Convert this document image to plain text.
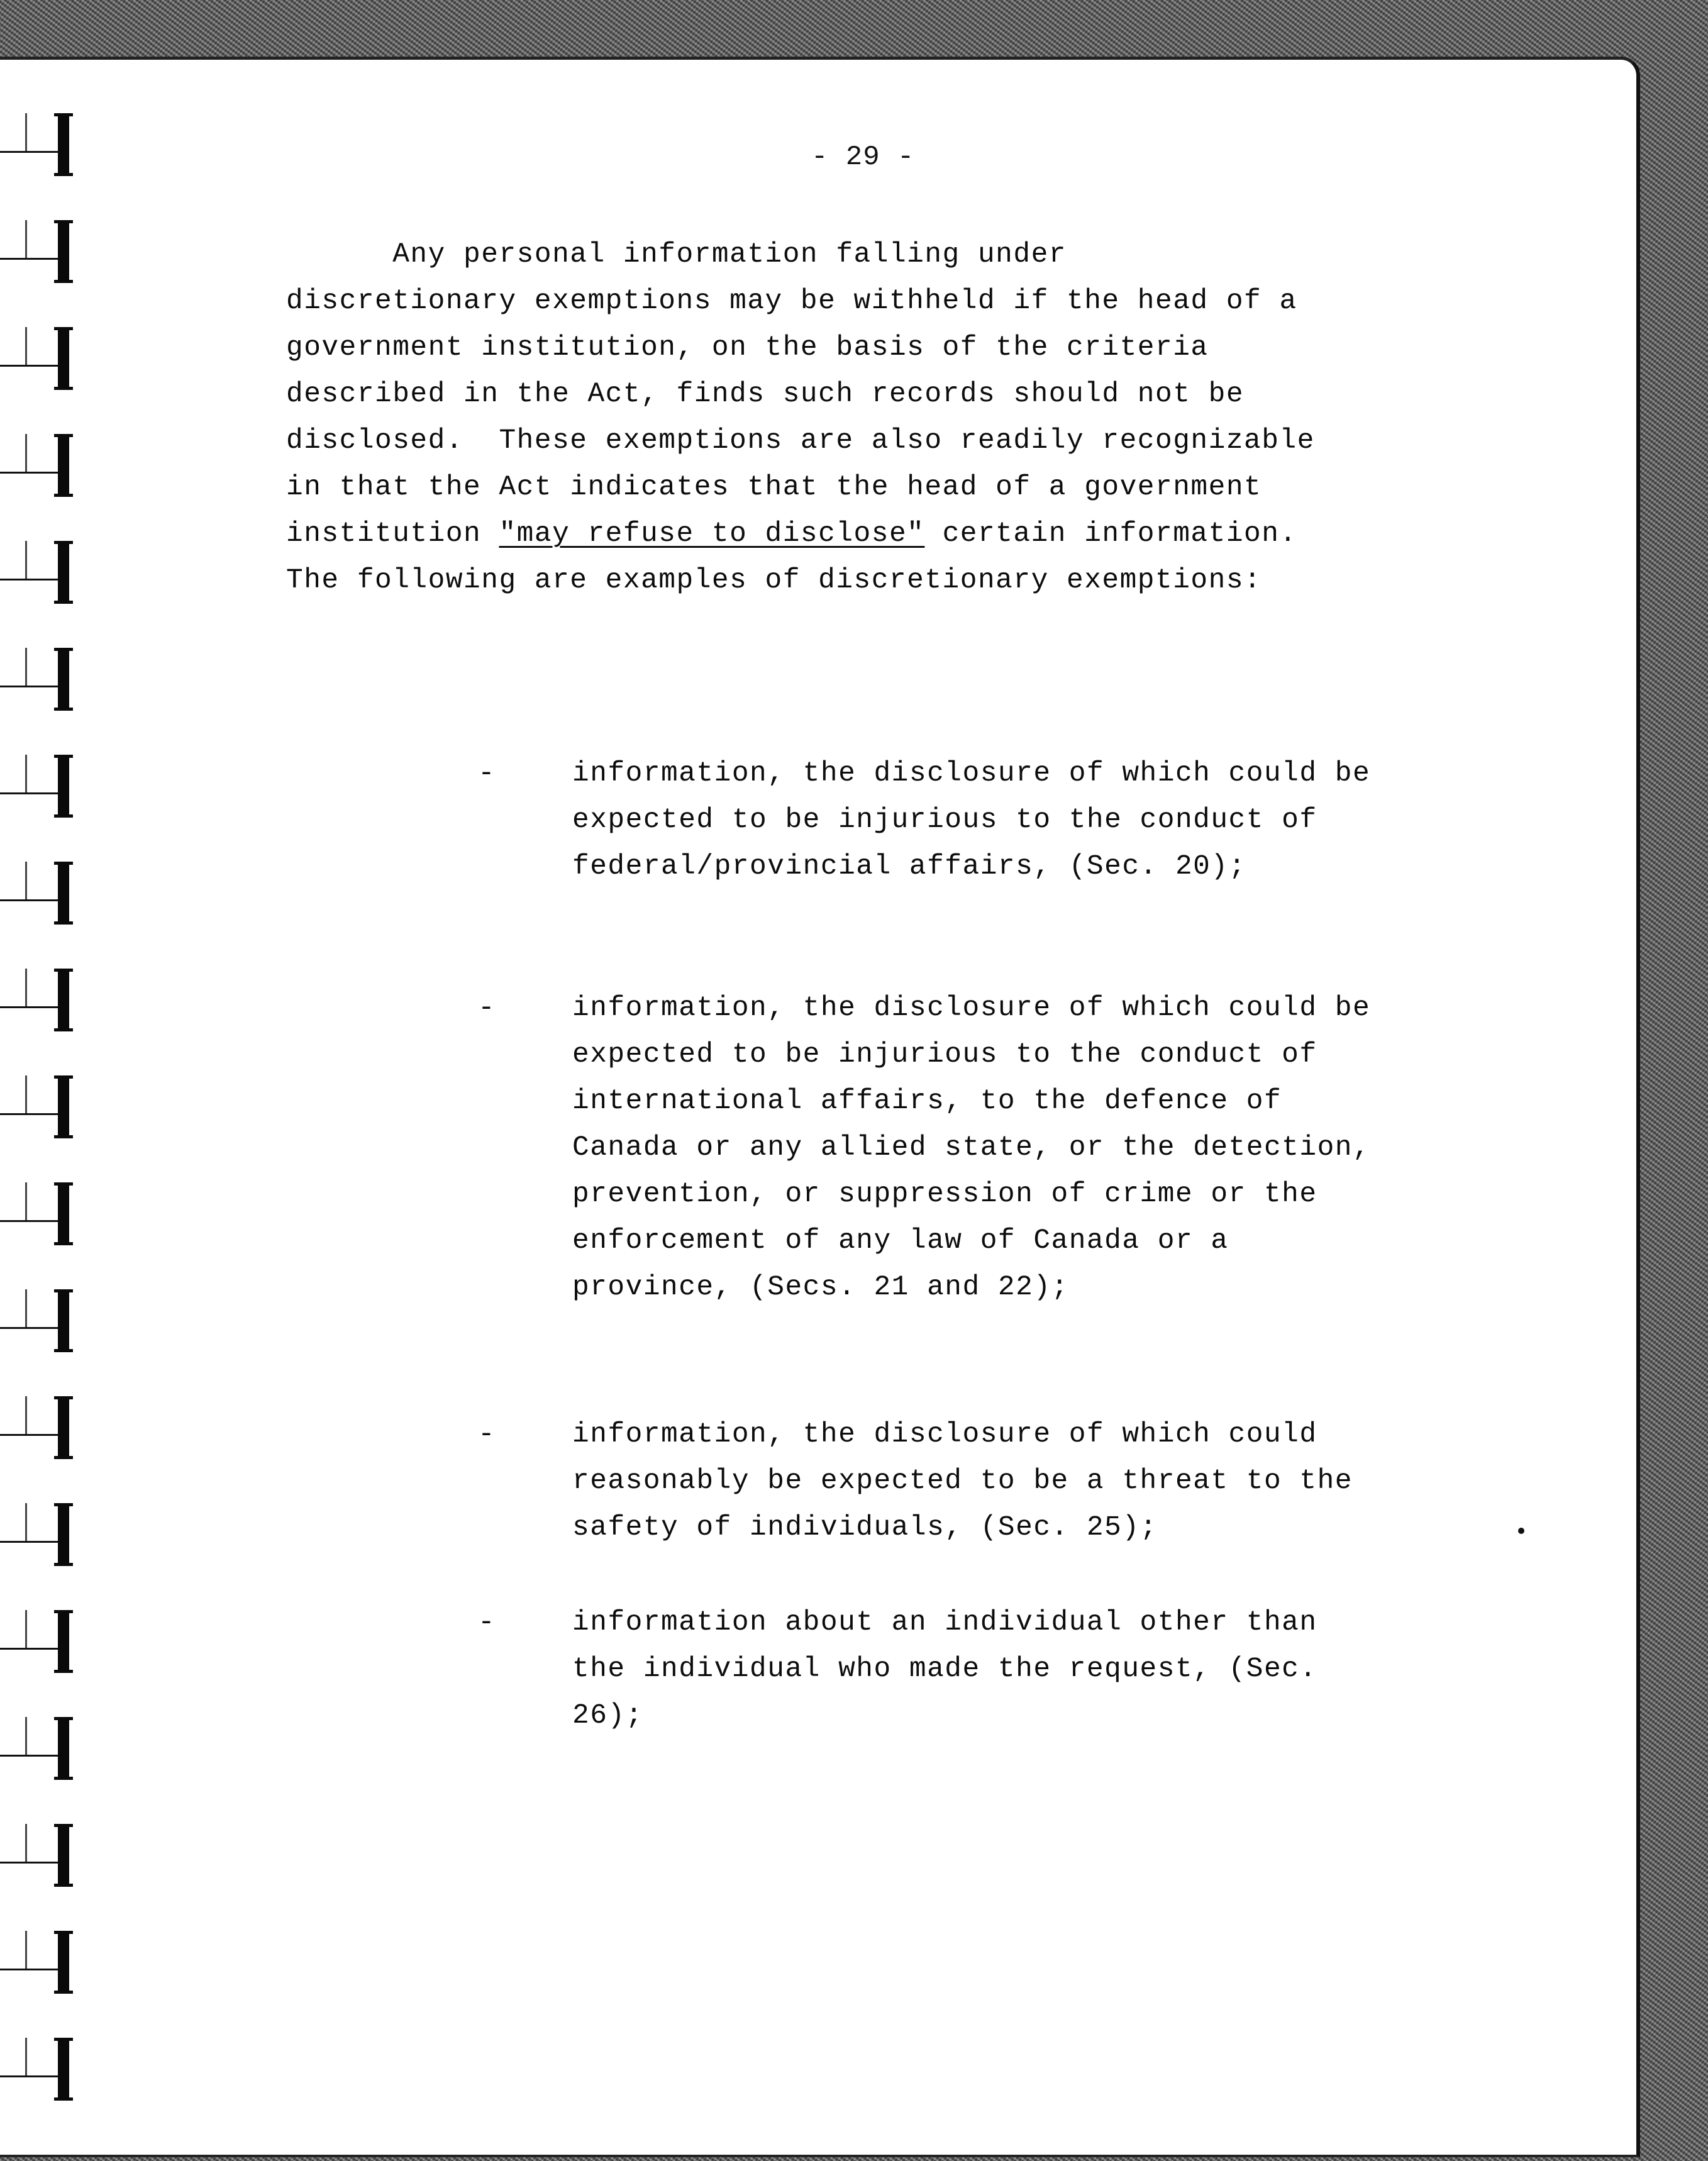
- 29 -
Any personal information falling under
discretionary exemptions may be withheld if the head of a
government institution, on the basis of the criteria
described in the Act, finds such records should not be
disclosed.  These exemptions are also readily recognizable
in that the Act indicates that the head of a government
institution "may refuse to disclose" certain information.
The following are examples of discretionary exemptions:
-	information, the disclosure of which could be
expected to be injurious to the conduct of
federal/provincial affairs, (Sec. 20);
-	information, the disclosure of which could be
expected to be injurious to the conduct of
international affairs, to the defence of
Canada or any allied state, or the detection,
prevention, or suppression of crime or the
enforcement of any law of Canada or a
province, (Secs. 21 and 22);
-	information, the disclosure of which could
reasonably be expected to be a threat to the
safety of individuals, (Sec. 25);
-	information about an individual other than
the individual who made the request, (Sec.
26);
